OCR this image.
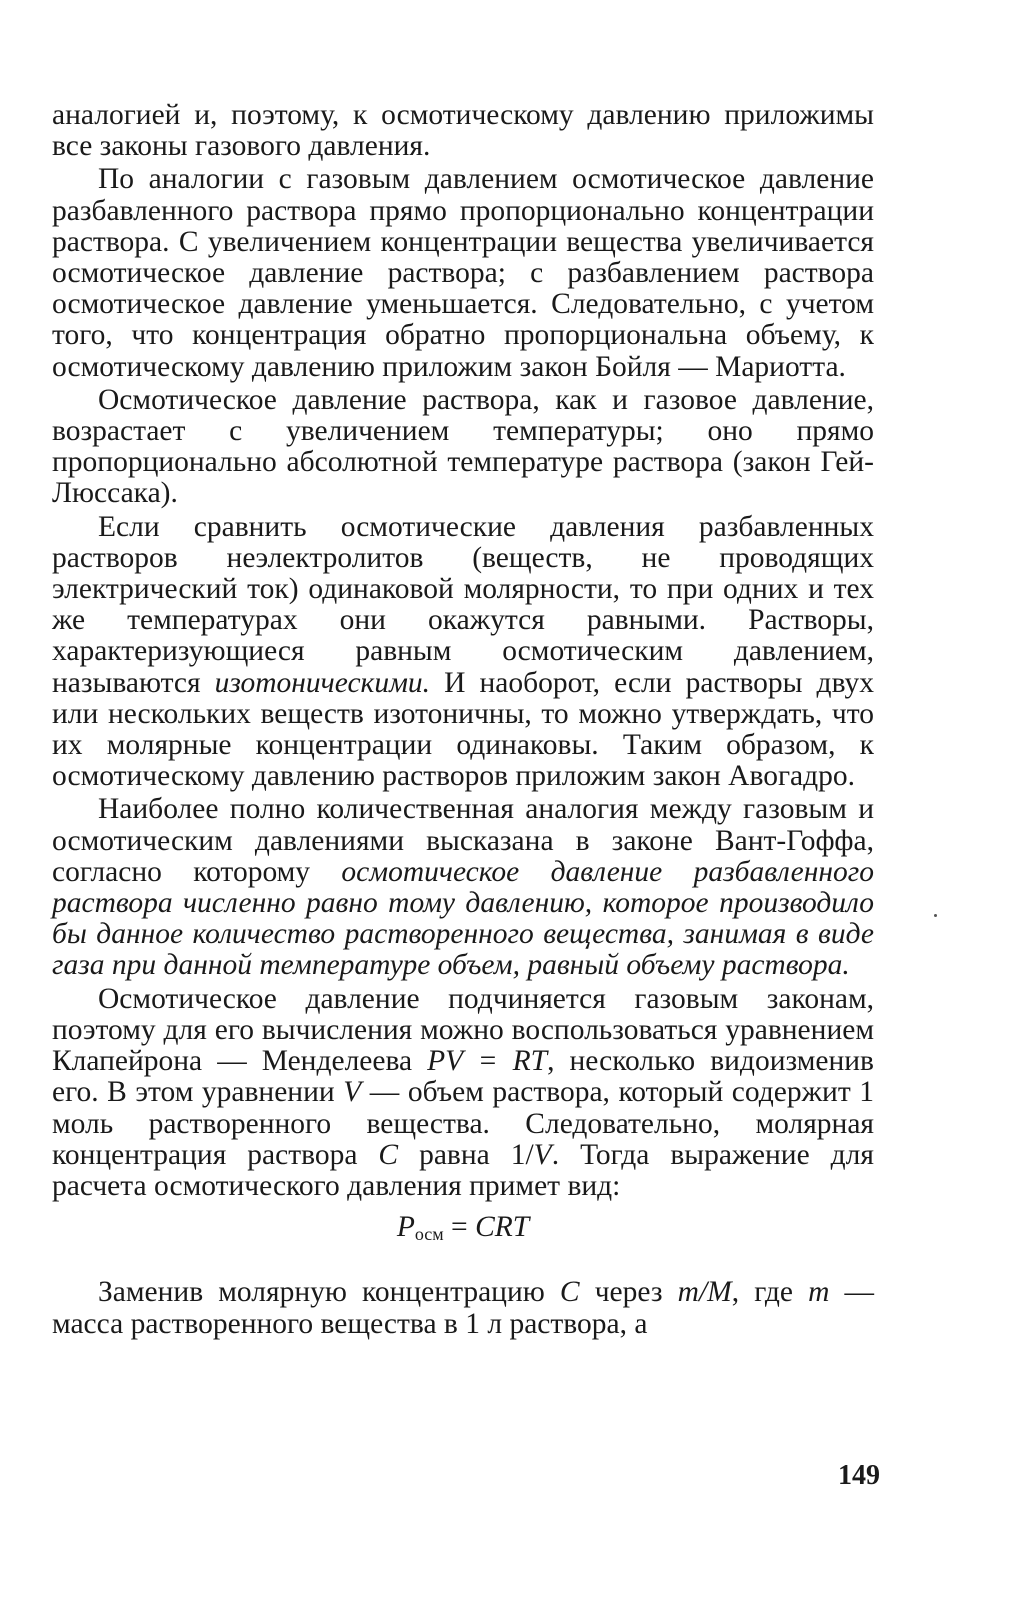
аналогией и, поэтому, к осмотическому давлению приложимы все законы газового давления.

По аналогии с газовым давлением осмотическое давление разбавленного раствора прямо пропорционально концентрации раствора. С увеличением концентрации вещества увеличивается осмотическое давление раствора; с разбавлением раствора осмотическое давление уменьшается. Следовательно, с учетом того, что концентрация обратно пропорциональна объему, к осмотическому давлению приложим закон Бойля — Мариотта.

Осмотическое давление раствора, как и газовое давление, возрастает с увеличением температуры; оно прямо пропорционально абсолютной температуре раствора (закон Гей-Люссака).

Если сравнить осмотические давления разбавленных растворов неэлектролитов (веществ, не проводящих электрический ток) одинаковой молярности, то при одних и тех же температурах они окажутся равными. Растворы, характеризующиеся равным осмотическим давлением, называются изотоническими. И наоборот, если растворы двух или нескольких веществ изотоничны, то можно утверждать, что их молярные концентрации одинаковы. Таким образом, к осмотическому давлению растворов приложим закон Авогадро.

Наиболее полно количественная аналогия между газовым и осмотическим давлениями высказана в законе Вант-Гоффа, согласно которому осмотическое давление разбавленного раствора численно равно тому давлению, которое производило бы данное количество растворенного вещества, занимая в виде газа при данной температуре объем, равный объему раствора.

Осмотическое давление подчиняется газовым законам, поэтому для его вычисления можно воспользоваться уравнением Клапейрона — Менделеева PV = RT, несколько видоизменив его. В этом уравнении V — объем раствора, который содержит 1 моль растворенного вещества. Следовательно, молярная концентрация раствора C равна 1/V. Тогда выражение для расчета осмотического давления примет вид:

$P_{осм}$ = CRT

Заменив молярную концентрацию C через m/M, где m — масса растворенного вещества в 1 л раствора, а

149
